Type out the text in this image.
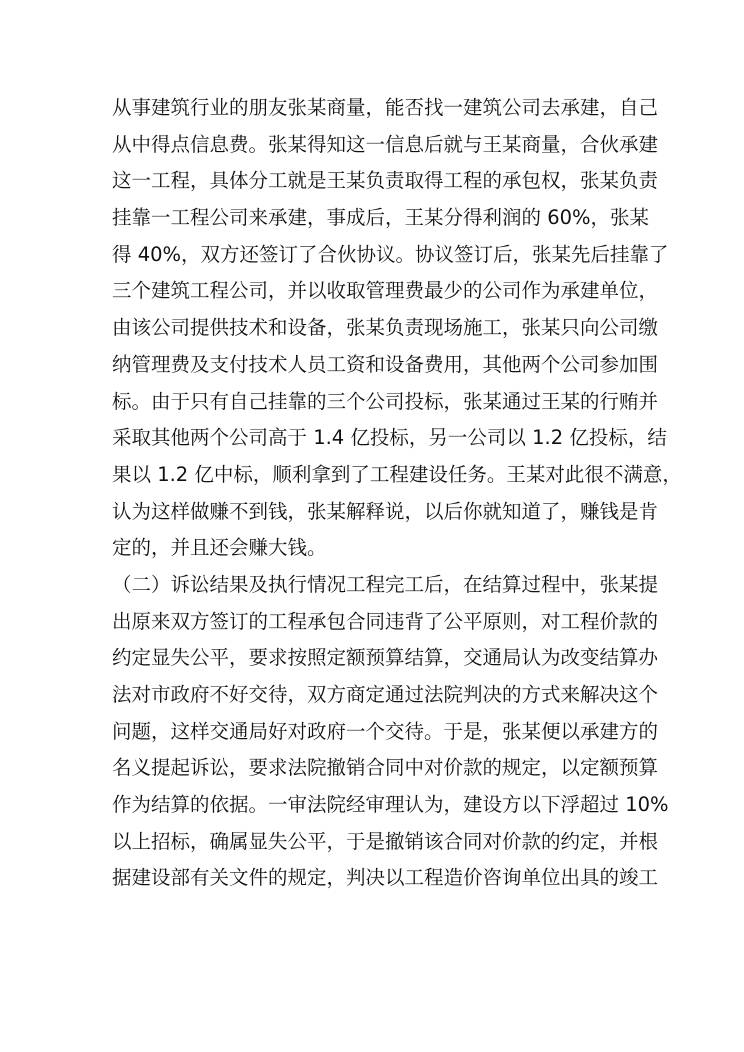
从事建筑行业的朋友张某商量，能否找一建筑公司去承建，自己
从中得点信息费。张某得知这一信息后就与王某商量，合伙承建
这一工程，具体分工就是王某负责取得工程的承包权，张某负责
挂靠一工程公司来承建，事成后，王某分得利润的 60%，张某
得 40%，双方还签订了合伙协议。协议签订后，张某先后挂靠了
三个建筑工程公司，并以收取管理费最少的公司作为承建单位，
由该公司提供技术和设备，张某负责现场施工，张某只向公司缴
纳管理费及支付技术人员工资和设备费用，其他两个公司参加围
标。由于只有自己挂靠的三个公司投标，张某通过王某的行贿并
采取其他两个公司高于 1.4 亿投标，另一公司以 1.2 亿投标，结
果以 1.2 亿中标，顺利拿到了工程建设任务。王某对此很不满意，
认为这样做赚不到钱，张某解释说，以后你就知道了，赚钱是肯
定的，并且还会赚大钱。
（二）诉讼结果及执行情况工程完工后，在结算过程中，张某提
出原来双方签订的工程承包合同违背了公平原则，对工程价款的
约定显失公平，要求按照定额预算结算，交通局认为改变结算办
法对市政府不好交待，双方商定通过法院判决的方式来解决这个
问题，这样交通局好对政府一个交待。于是，张某便以承建方的
名义提起诉讼，要求法院撤销合同中对价款的规定，以定额预算
作为结算的依据。一审法院经审理认为，建设方以下浮超过 10%
以上招标，确属显失公平，于是撤销该合同对价款的约定，并根
据建设部有关文件的规定，判决以工程造价咨询单位出具的竣工
